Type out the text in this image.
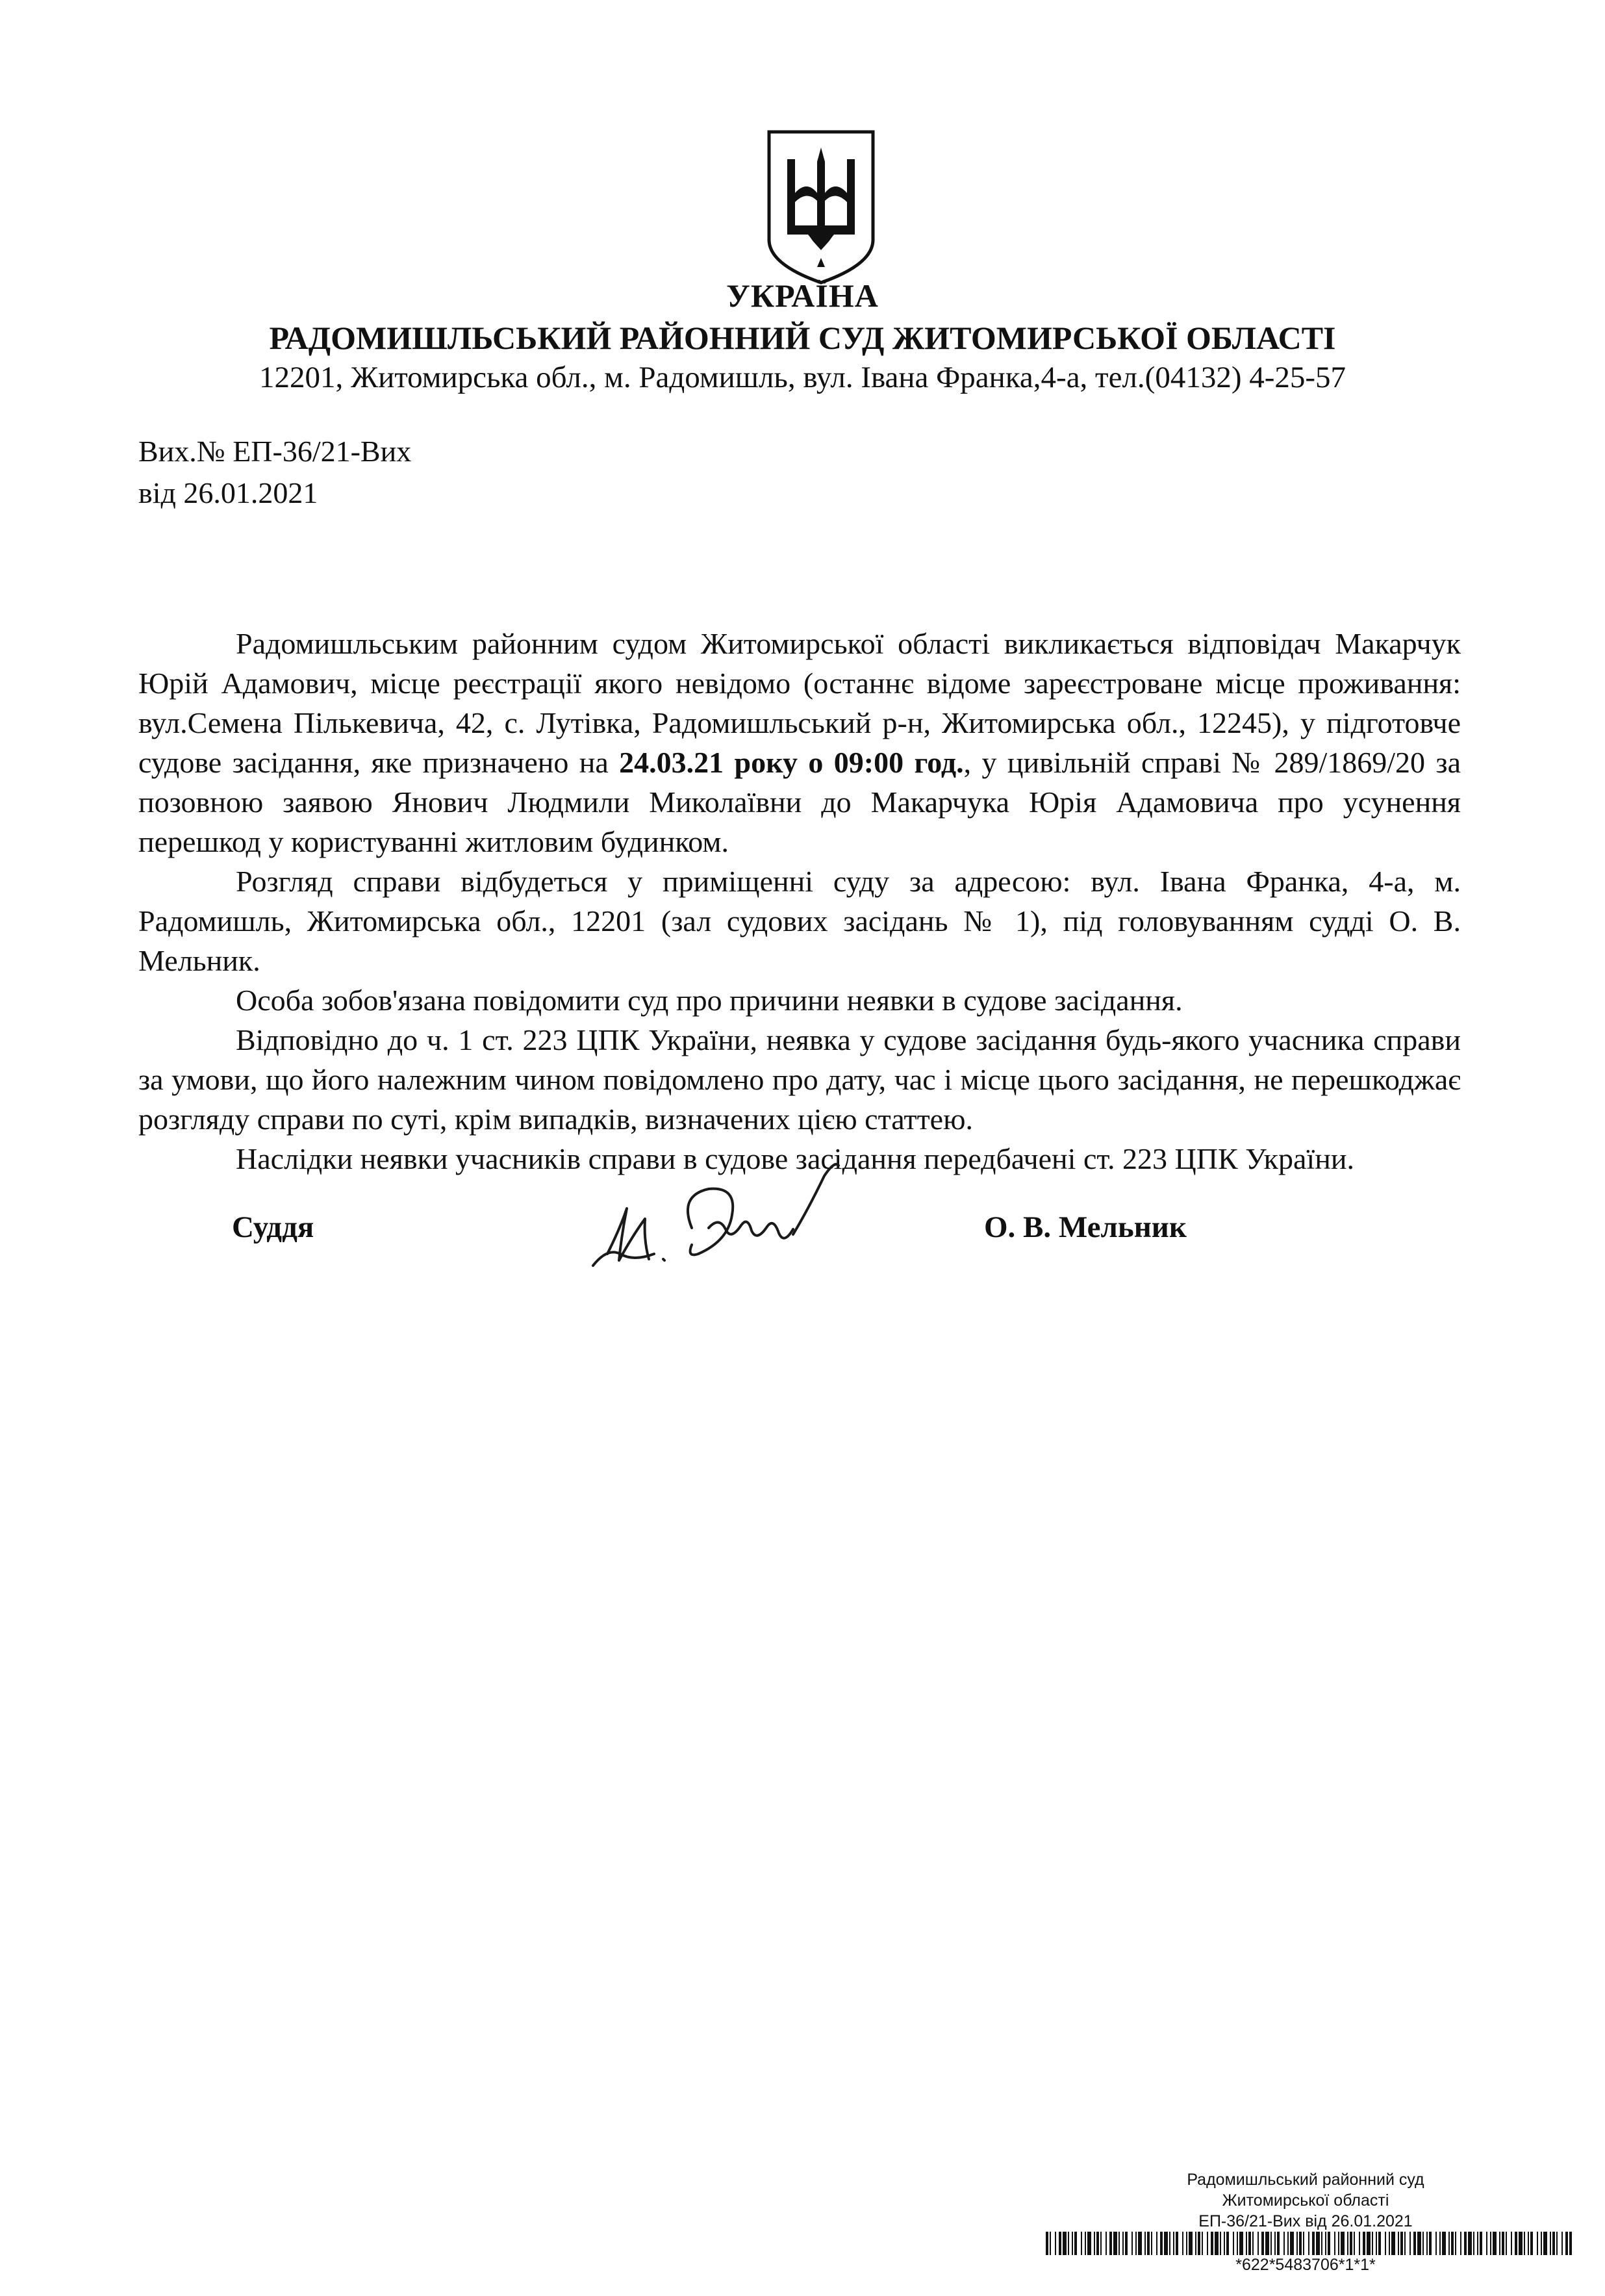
УКРАЇНА
РАДОМИШЛЬСЬКИЙ РАЙОННИЙ СУД ЖИТОМИРСЬКОЇ ОБЛАСТІ
12201, Житомирська обл., м. Радомишль, вул. Івана Франка,4-а, тел.(04132) 4-25-57
Вих.№ ЕП-36/21-Вих
від 26.01.2021

Радомишльським районним судом Житомирської області викликається відповідач Макарчук Юрій Адамович, місце реєстрації якого невідомо (останнє відоме зареєстроване місце проживання: вул.Семена Пількевича, 42, с. Лутівка, Радомишльський р-н, Житомирська обл., 12245), у підготовче судове засідання, яке призначено на 24.03.21 року о 09:00 год., у цивільній справі № 289/1869/20 за позовною заявою Янович Людмили Миколаївни до Макарчука Юрія Адамовича про усунення перешкод у користуванні житловим будинком.

Розгляд справи відбудеться у приміщенні суду за адресою: вул. Івана Франка, 4-а, м. Радомишль, Житомирська обл., 12201 (зал судових засідань № 1), під головуванням судді О. В. Мельник.

Особа зобов'язана повідомити суд про причини неявки в судове засідання.

Відповідно до ч. 1 ст. 223 ЦПК України, неявка у судове засідання будь-якого учасника справи за умови, що його належним чином повідомлено про дату, час і місце цього засідання, не перешкоджає розгляду справи по суті, крім випадків, визначених цією статтею.

Наслідки неявки учасників справи в судове засідання передбачені ст. 223 ЦПК України.

Суддя	О. В. Мельник
Радомишльський районний суд
Житомирської області
ЕП-36/21-Вих від 26.01.2021
*622*5483706*1*1*
